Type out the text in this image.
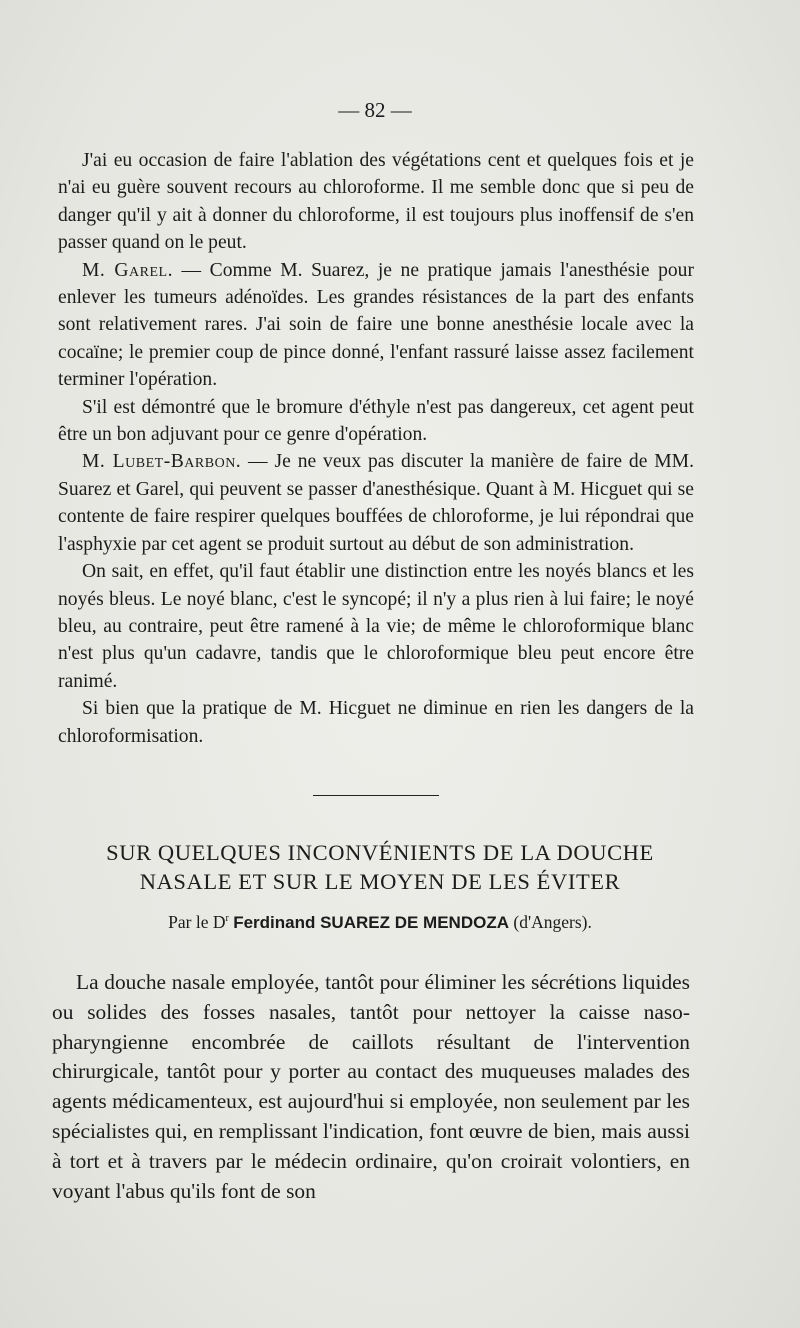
— 82 —

J'ai eu occasion de faire l'ablation des végétations cent et quelques fois et je n'ai eu guère souvent recours au chloroforme. Il me semble donc que si peu de danger qu'il y ait à donner du chloroforme, il est toujours plus inoffensif de s'en passer quand on le peut.

M. Garel. — Comme M. Suarez, je ne pratique jamais l'anesthésie pour enlever les tumeurs adénoïdes. Les grandes résistances de la part des enfants sont relativement rares. J'ai soin de faire une bonne anesthésie locale avec la cocaïne; le premier coup de pince donné, l'enfant rassuré laisse assez facilement terminer l'opération.

S'il est démontré que le bromure d'éthyle n'est pas dangereux, cet agent peut être un bon adjuvant pour ce genre d'opération.

M. Lubet-Barbon. — Je ne veux pas discuter la manière de faire de MM. Suarez et Garel, qui peuvent se passer d'anesthésique. Quant à M. Hicguet qui se contente de faire respirer quelques bouffées de chloroforme, je lui répondrai que l'asphyxie par cet agent se produit surtout au début de son administration.

On sait, en effet, qu'il faut établir une distinction entre les noyés blancs et les noyés bleus. Le noyé blanc, c'est le syncopé; il n'y a plus rien à lui faire; le noyé bleu, au contraire, peut être ramené à la vie; de même le chloroformique blanc n'est plus qu'un cadavre, tandis que le chloroformique bleu peut encore être ranimé.

Si bien que la pratique de M. Hicguet ne diminue en rien les dangers de la chloroformisation.

SUR QUELQUES INCONVÉNIENTS DE LA DOUCHE
NASALE ET SUR LE MOYEN DE LES ÉVITER
Par le $D^r$ Ferdinand SUAREZ DE MENDOZA (d'Angers).

La douche nasale employée, tantôt pour éliminer les sécrétions liquides ou solides des fosses nasales, tantôt pour nettoyer la caisse naso-pharyngienne encombrée de caillots résultant de l'intervention chirurgicale, tantôt pour y porter au contact des muqueuses malades des agents médicamenteux, est aujourd'hui si employée, non seulement par les spécialistes qui, en remplissant l'indication, font œuvre de bien, mais aussi à tort et à travers par le médecin ordinaire, qu'on croirait volontiers, en voyant l'abus qu'ils font de son
